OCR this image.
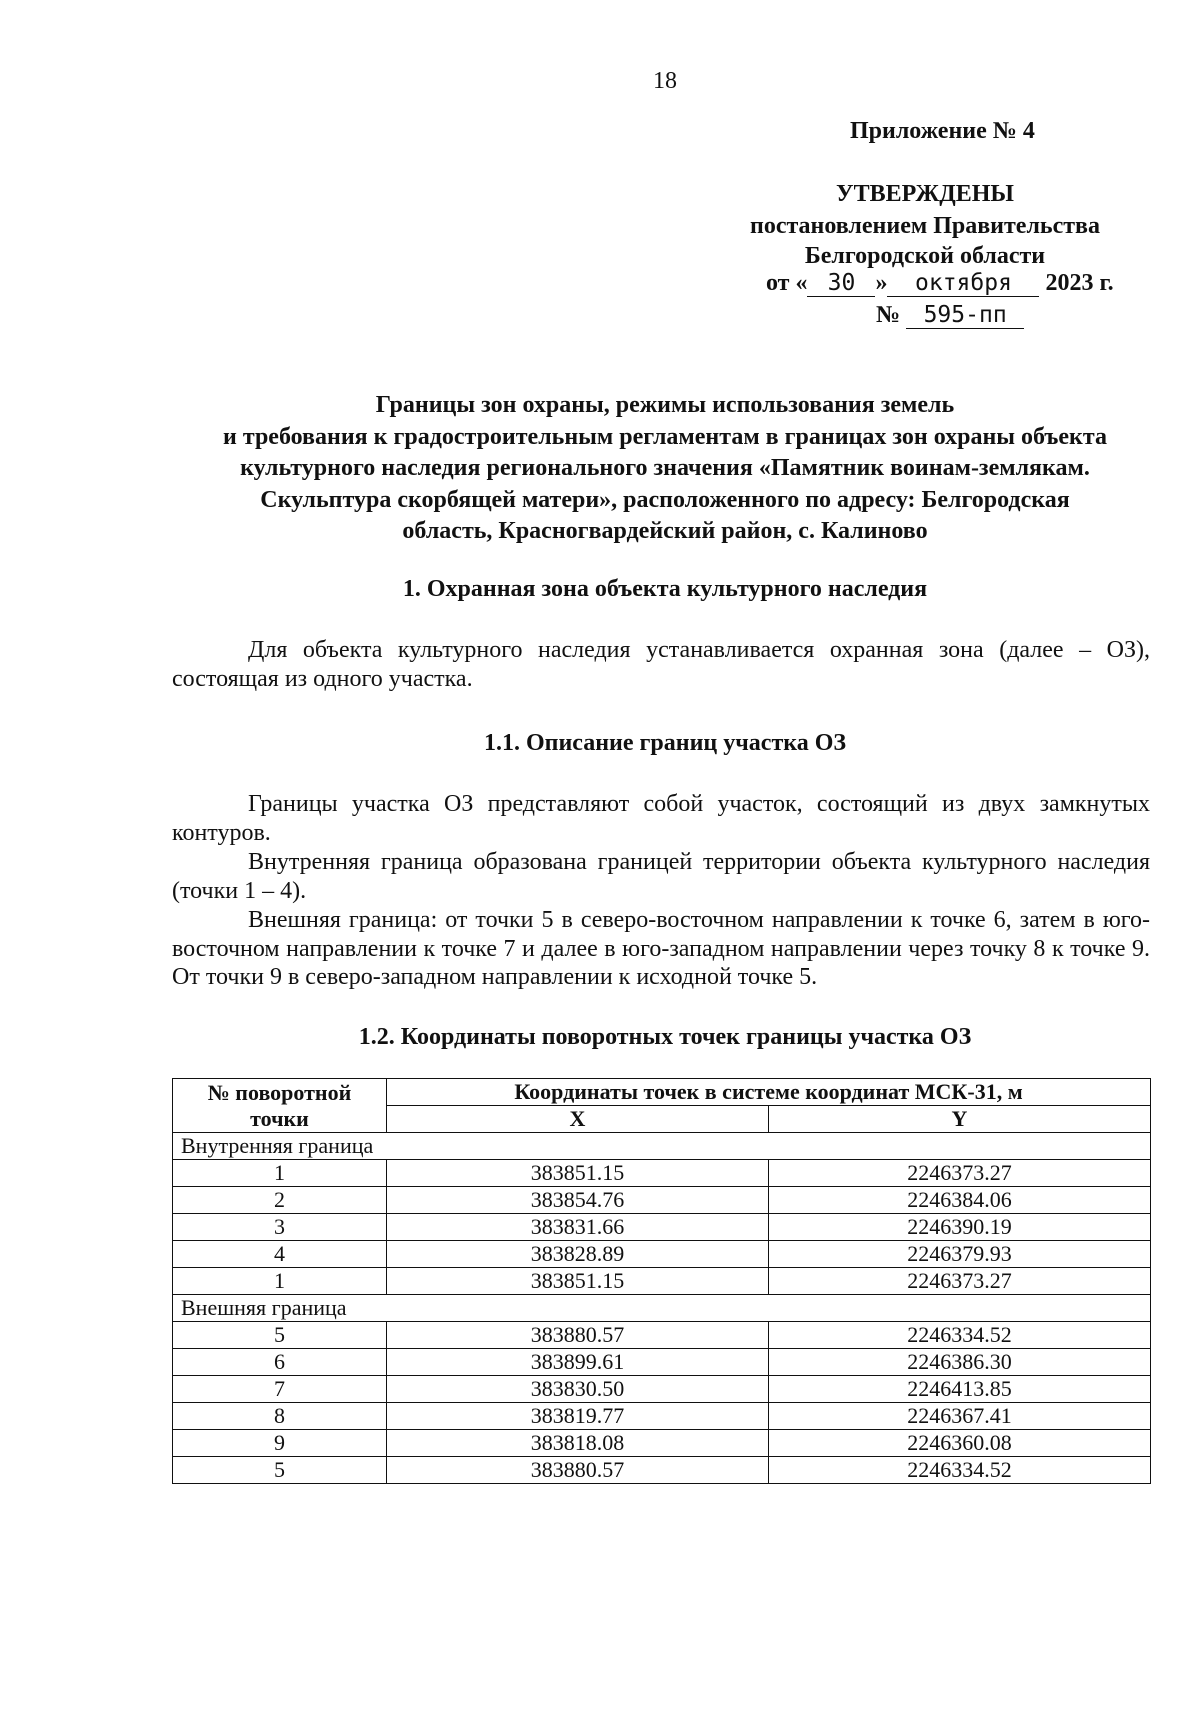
18
Приложение № 4
УТВЕРЖДЕНЫ
постановлением Правительства
Белгородской области
от « 30 » октября 2023 г.
№ 595-пп
Границы зон охраны, режимы использования земель
и требования к градостроительным регламентам в границах зон охраны объекта
культурного наследия регионального значения «Памятник воинам-землякам.
Скульптура скорбящей матери», расположенного по адресу: Белгородская
область, Красногвардейский район, с. Калиново
1. Охранная зона объекта культурного наследия
Для объекта культурного наследия устанавливается охранная зона (далее – ОЗ), состоящая из одного участка.
1.1. Описание границ участка ОЗ
Границы участка ОЗ представляют собой участок, состоящий из двух замкнутых контуров.
Внутренняя граница образована границей территории объекта культурного наследия (точки 1 – 4).
Внешняя граница: от точки 5 в северо-восточном направлении к точке 6, затем в юго-восточном направлении к точке 7 и далее в юго-западном направлении через точку 8 к точке 9. От точки 9 в северо-западном направлении к исходной точке 5.
1.2. Координаты поворотных точек границы участка ОЗ
№ поворотной точки	Координаты точек в системе координат МСК-31, м	
	X	Y
Внутренняя граница		
1	383851.15	2246373.27
2	383854.76	2246384.06
3	383831.66	2246390.19
4	383828.89	2246379.93
1	383851.15	2246373.27
Внешняя граница		
5	383880.57	2246334.52
6	383899.61	2246386.30
7	383830.50	2246413.85
8	383819.77	2246367.41
9	383818.08	2246360.08
5	383880.57	2246334.52
